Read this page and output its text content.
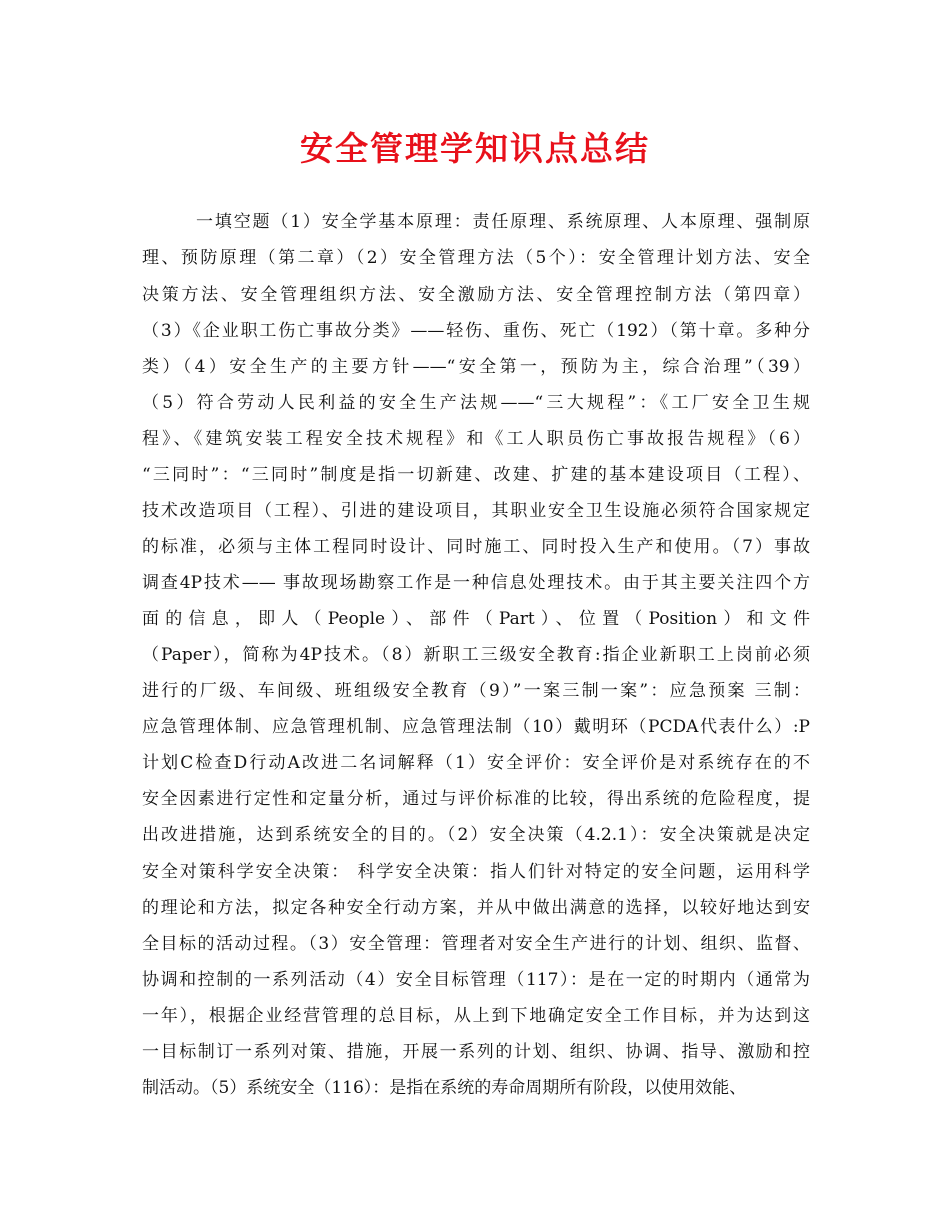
安全管理学知识点总结
一填空题（1）安全学基本原理：责任原理、系统原理、人本原理、强制原
理、预防原理（第二章）（2）安全管理方法（5个）：安全管理计划方法、安全
决策方法、安全管理组织方法、安全激励方法、安全管理控制方法（第四章）
（3）《企业职工伤亡事故分类》——轻伤、重伤、死亡（192）（第十章。多种分
类）（4）安全生产的主要方针——“安全第一，预防为主，综合治理”（39）
（5）符合劳动人民利益的安全生产法规——“三大规程”：《工厂安全卫生规
程》、《建筑安装工程安全技术规程》和《工人职员伤亡事故报告规程》（6）
“三同时”：“三同时”制度是指一切新建、改建、扩建的基本建设项目（工程）、
技术改造项目（工程）、引进的建设项目，其职业安全卫生设施必须符合国家规定
的标准，必须与主体工程同时设计、同时施工、同时投入生产和使用。（7）事故
调查4P技术—— 事故现场勘察工作是一种信息处理技术。由于其主要关注四个方
面的信息，即人（People）、部件（Part）、位置（Position）和文件
（Paper），简称为4P技术。（8）新职工三级安全教育:指企业新职工上岗前必须
进行的厂级、车间级、班组级安全教育（9）”一案三制一案”：应急预案 三制：
应急管理体制、应急管理机制、应急管理法制（10）戴明环（PCDA代表什么）:P
计划C检查D行动A改进二名词解释（1）安全评价：安全评价是对系统存在的不
安全因素进行定性和定量分析，通过与评价标准的比较，得出系统的危险程度，提
出改进措施，达到系统安全的目的。（2）安全决策（4.2.1）：安全决策就是决定
安全对策科学安全决策： 科学安全决策：指人们针对特定的安全问题，运用科学
的理论和方法，拟定各种安全行动方案，并从中做出满意的选择，以较好地达到安
全目标的活动过程。（3）安全管理：管理者对安全生产进行的计划、组织、监督、
协调和控制的一系列活动（4）安全目标管理（117）：是在一定的时期内（通常为
一年），根据企业经营管理的总目标，从上到下地确定安全工作目标，并为达到这
一目标制订一系列对策、措施，开展一系列的计划、组织、协调、指导、激励和控
制活动。（5）系统安全（116）：是指在系统的寿命周期所有阶段，以使用效能、
